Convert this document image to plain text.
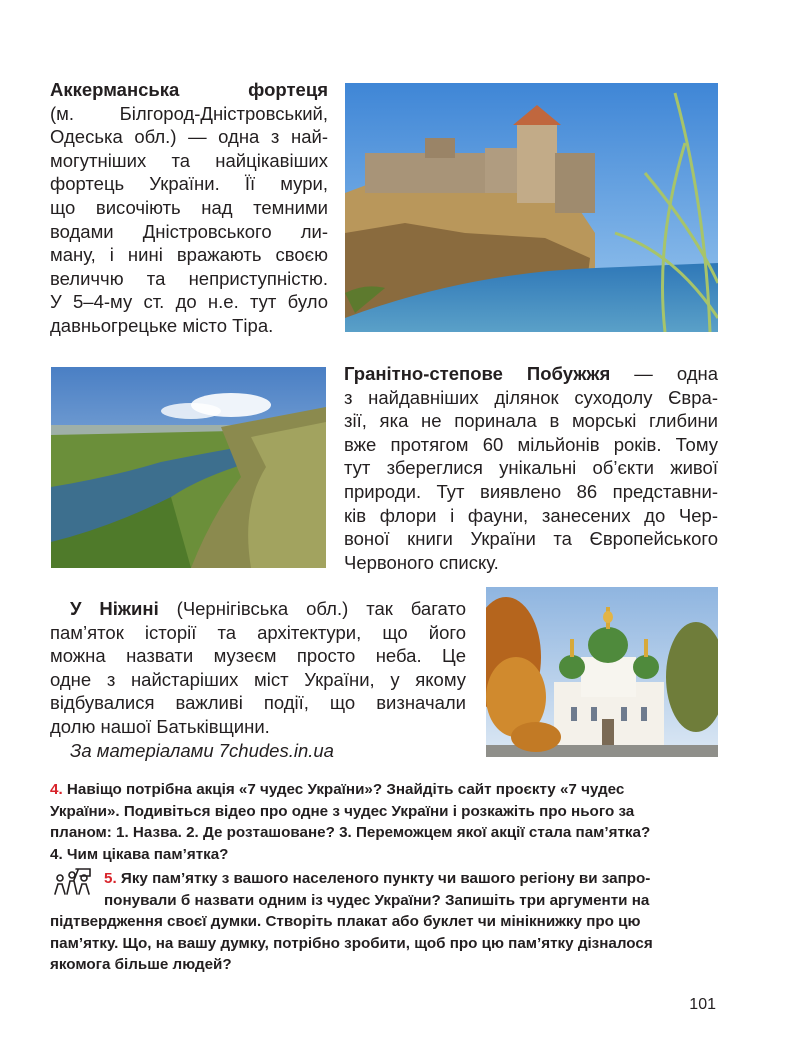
Аккерманська фортеця
(м. Білгород-Дністровський,
Одеська обл.) — одна з най-
могутніших та найцікавіших
фортець України. Її мури,
що височіють над темними
водами Дністровського ли-
ману, і нині вражають своєю
величчю та неприступністю.
У 5–4-му ст. до н.е. тут було
давньогрецьке місто Тіра.
Гранітно-степове Побужжя — одна
з найдавніших ділянок суходолу Євра-
зії, яка не поринала в морські глибини
вже протягом 60 мільйонів років. Тому
тут збереглися унікальні об’єкти живої
природи. Тут виявлено 86 представни-
ків флори і фауни, занесених до Чер-
воної книги України та Європейського
Червоного списку.
У Ніжині (Чернігівська обл.) так багато
пам’яток історії та архітектури, що його
можна назвати музеєм просто неба. Це
одне з найстаріших міст України, у якому
відбувалися важливі події, що визначали
долю нашої Батьківщини.
За матеріалами 7chudes.in.ua
4. Навіщо потрібна акція «7 чудес України»? Знайдіть сайт проєкту «7 чудес
України». Подивіться відео про одне з чудес України і розкажіть про нього за
планом: 1. Назва. 2. Де розташоване? 3. Переможцем якої акції стала пам’ятка?
4. Чим цікава пам’ятка?
5. Яку пам’ятку з вашого населеного пункту чи вашого регіону ви запро-
понували б назвати одним із чудес України? Запишіть три аргументи на
підтвердження своєї думки. Створіть плакат або буклет чи мінікнижку про цю
пам’ятку. Що, на вашу думку, потрібно зробити, щоб про цю пам’ятку дізналося
якомога більше людей?
101
